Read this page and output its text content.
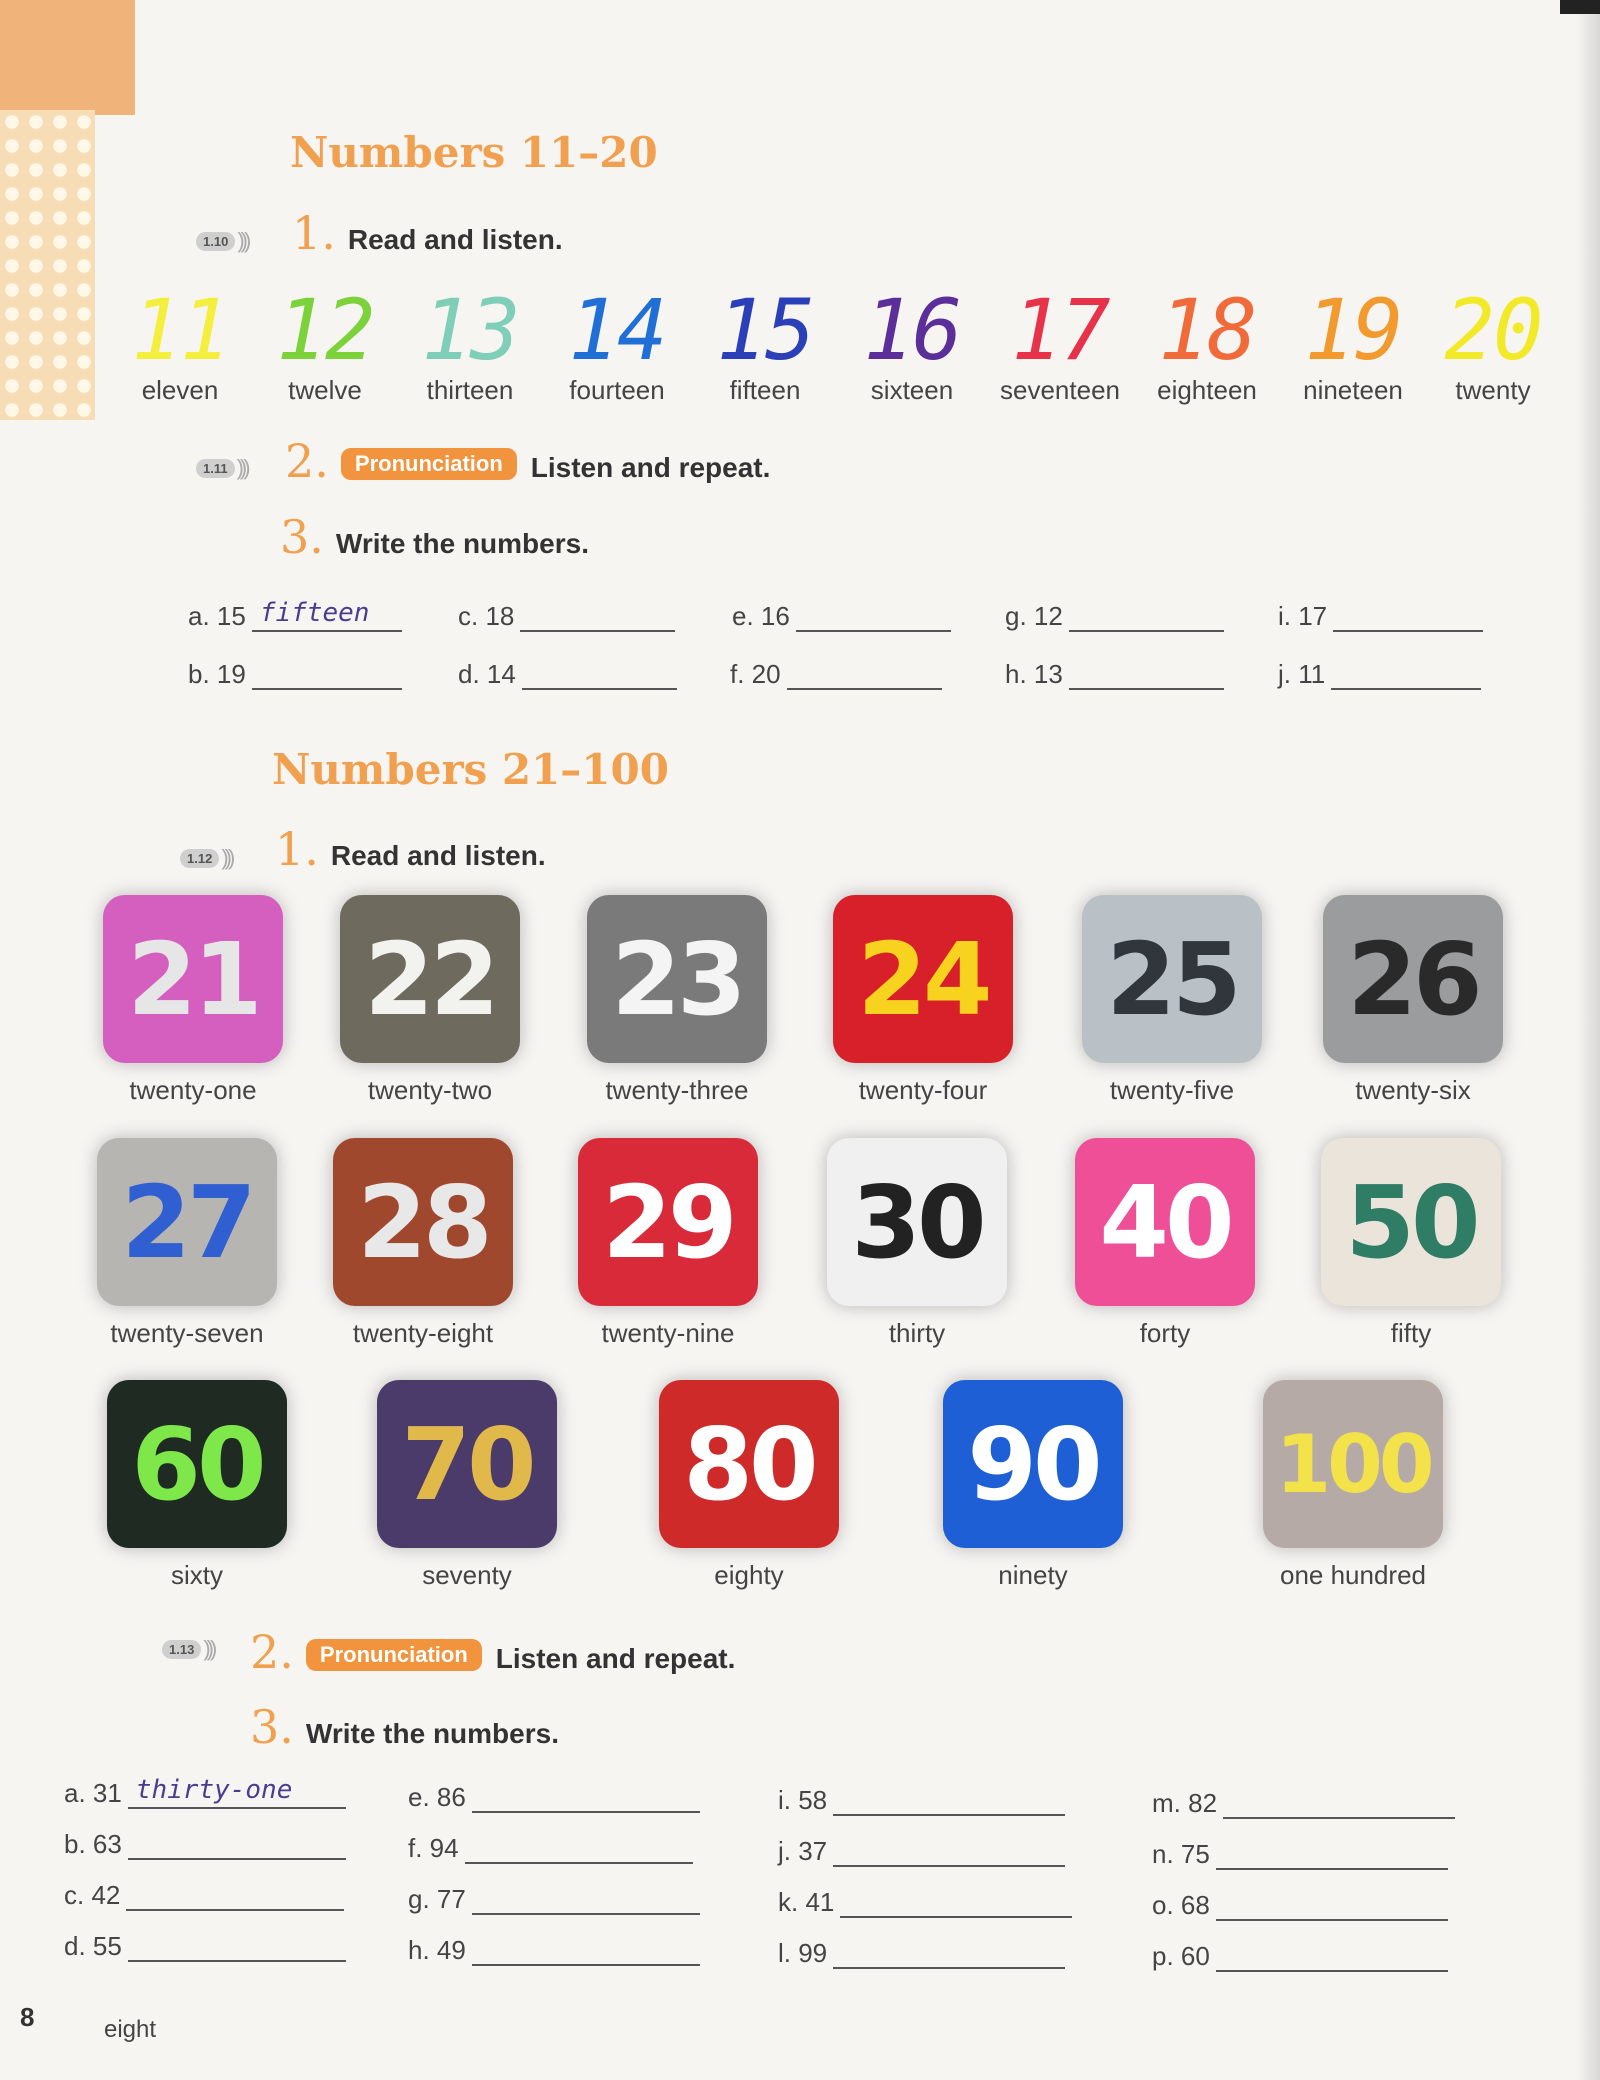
Numbers 11–20
1.10 ))) 1. Read and listen.
11
eleven
12
twelve
13
thirteen
14
fourteen
15
fifteen
16
sixteen
17
seventeen
18
eighteen
19
nineteen
20
twenty
1.11 ))) 2.	Pronunciation	Listen and repeat.
3. Write the numbers.
a. 15 fifteen	c. 18	e. 16	g. 12	i. 17
b. 19	d. 14	f. 20	h. 13	j. 11
Numbers 21–100
1.12 ))) 1. Read and listen.
21
twenty-one
22
twenty-two
23
twenty-three
24
twenty-four
25
twenty-five
26
twenty-six
27
twenty-seven
28
twenty-eight
29
twenty-nine
30
thirty
40
forty
50
fifty
60
sixty
70
seventy
80
eighty
90
ninety
100
one hundred
1.13 ))) 2.	Pronunciation	Listen and repeat.
3. Write the numbers.
a. 31 thirty-one
b. 63
c. 42
d. 55
e. 86
f. 94
g. 77
h. 49
i. 58
j. 37
k. 41
l. 99
m. 82
n. 75
o. 68
p. 60
8	eight
